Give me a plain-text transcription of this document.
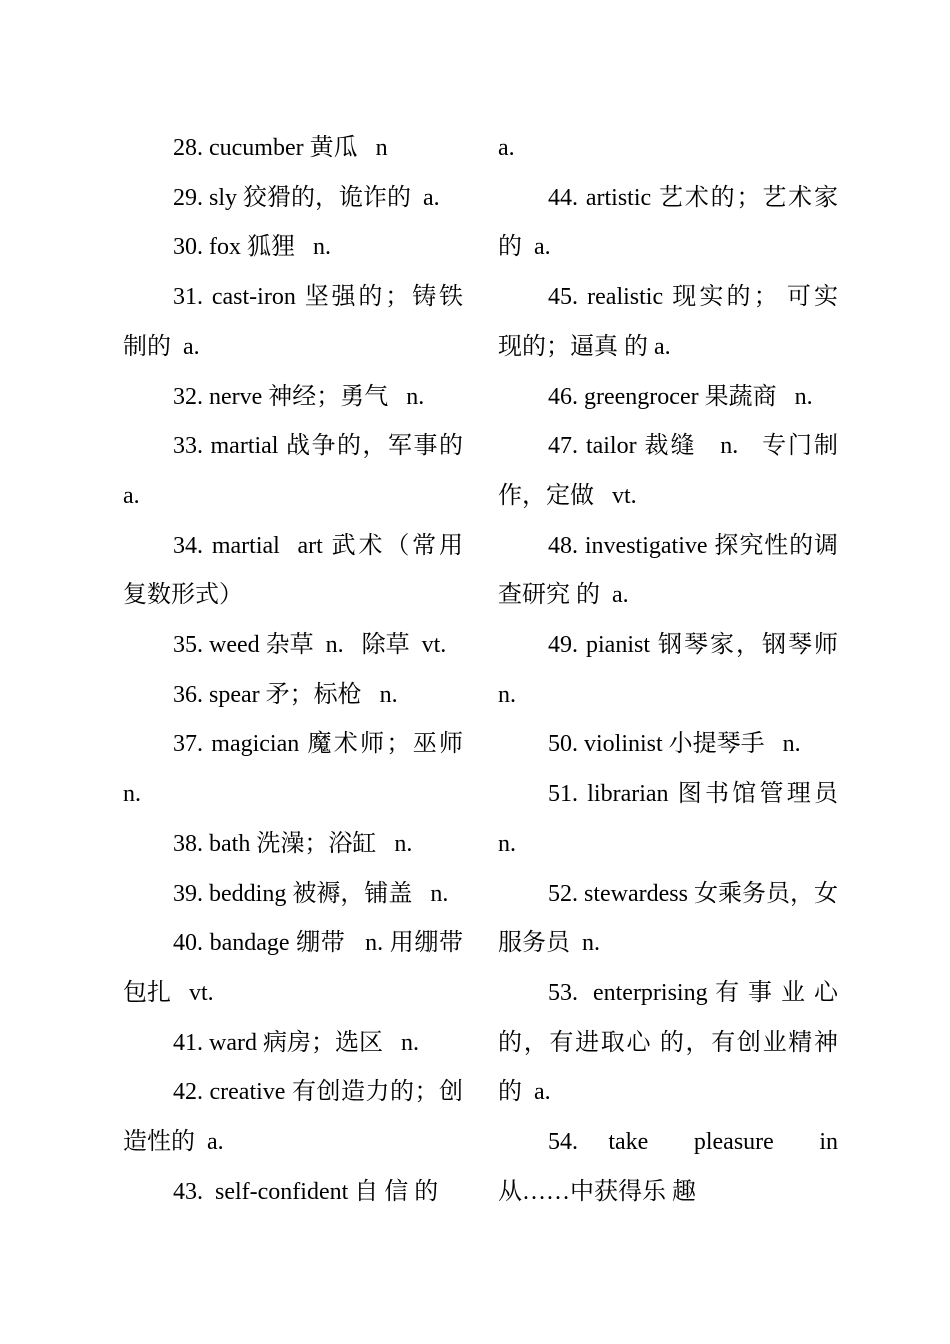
28. cucumber 黄瓜   n

29. sly 狡猾的，诡诈的  a.

30. fox 狐狸   n.

31. cast-iron 坚强的；铸铁制的  a.

32. nerve 神经；勇气   n.

33. martial 战争的，军事的 a.

34. martial  art 武术（常用复数形式）

35. weed 杂草  n.   除草  vt.

36. spear 矛；标枪   n.

37. magician 魔术师；巫师 n.

38. bath 洗澡；浴缸   n.

39. bedding 被褥，铺盖   n.

40. bandage 绷带   n. 用绷带包扎   vt.

41. ward 病房；选区   n.

42. creative 有创造力的；创造性的  a.

43.  self-confident 自 信 的

a.

44. artistic 艺术的；艺术家的  a.

45. realistic 现实的； 可实现的；逼真 的 a.

46. greengrocer 果蔬商   n.

47. tailor 裁缝   n.   专门制作，定做   vt.

48. investigative 探究性的调查研究 的  a.

49. pianist 钢琴家，钢琴师 n.

50. violinist 小提琴手   n.

51. librarian 图书馆管理员 n.

52. stewardess 女乘务员，女服务员  n.

53.  enterprising 有 事 业 心 的，有进取心 的，有创业精神的  a.

54.  take   pleasure   in 从……中获得乐 趣
